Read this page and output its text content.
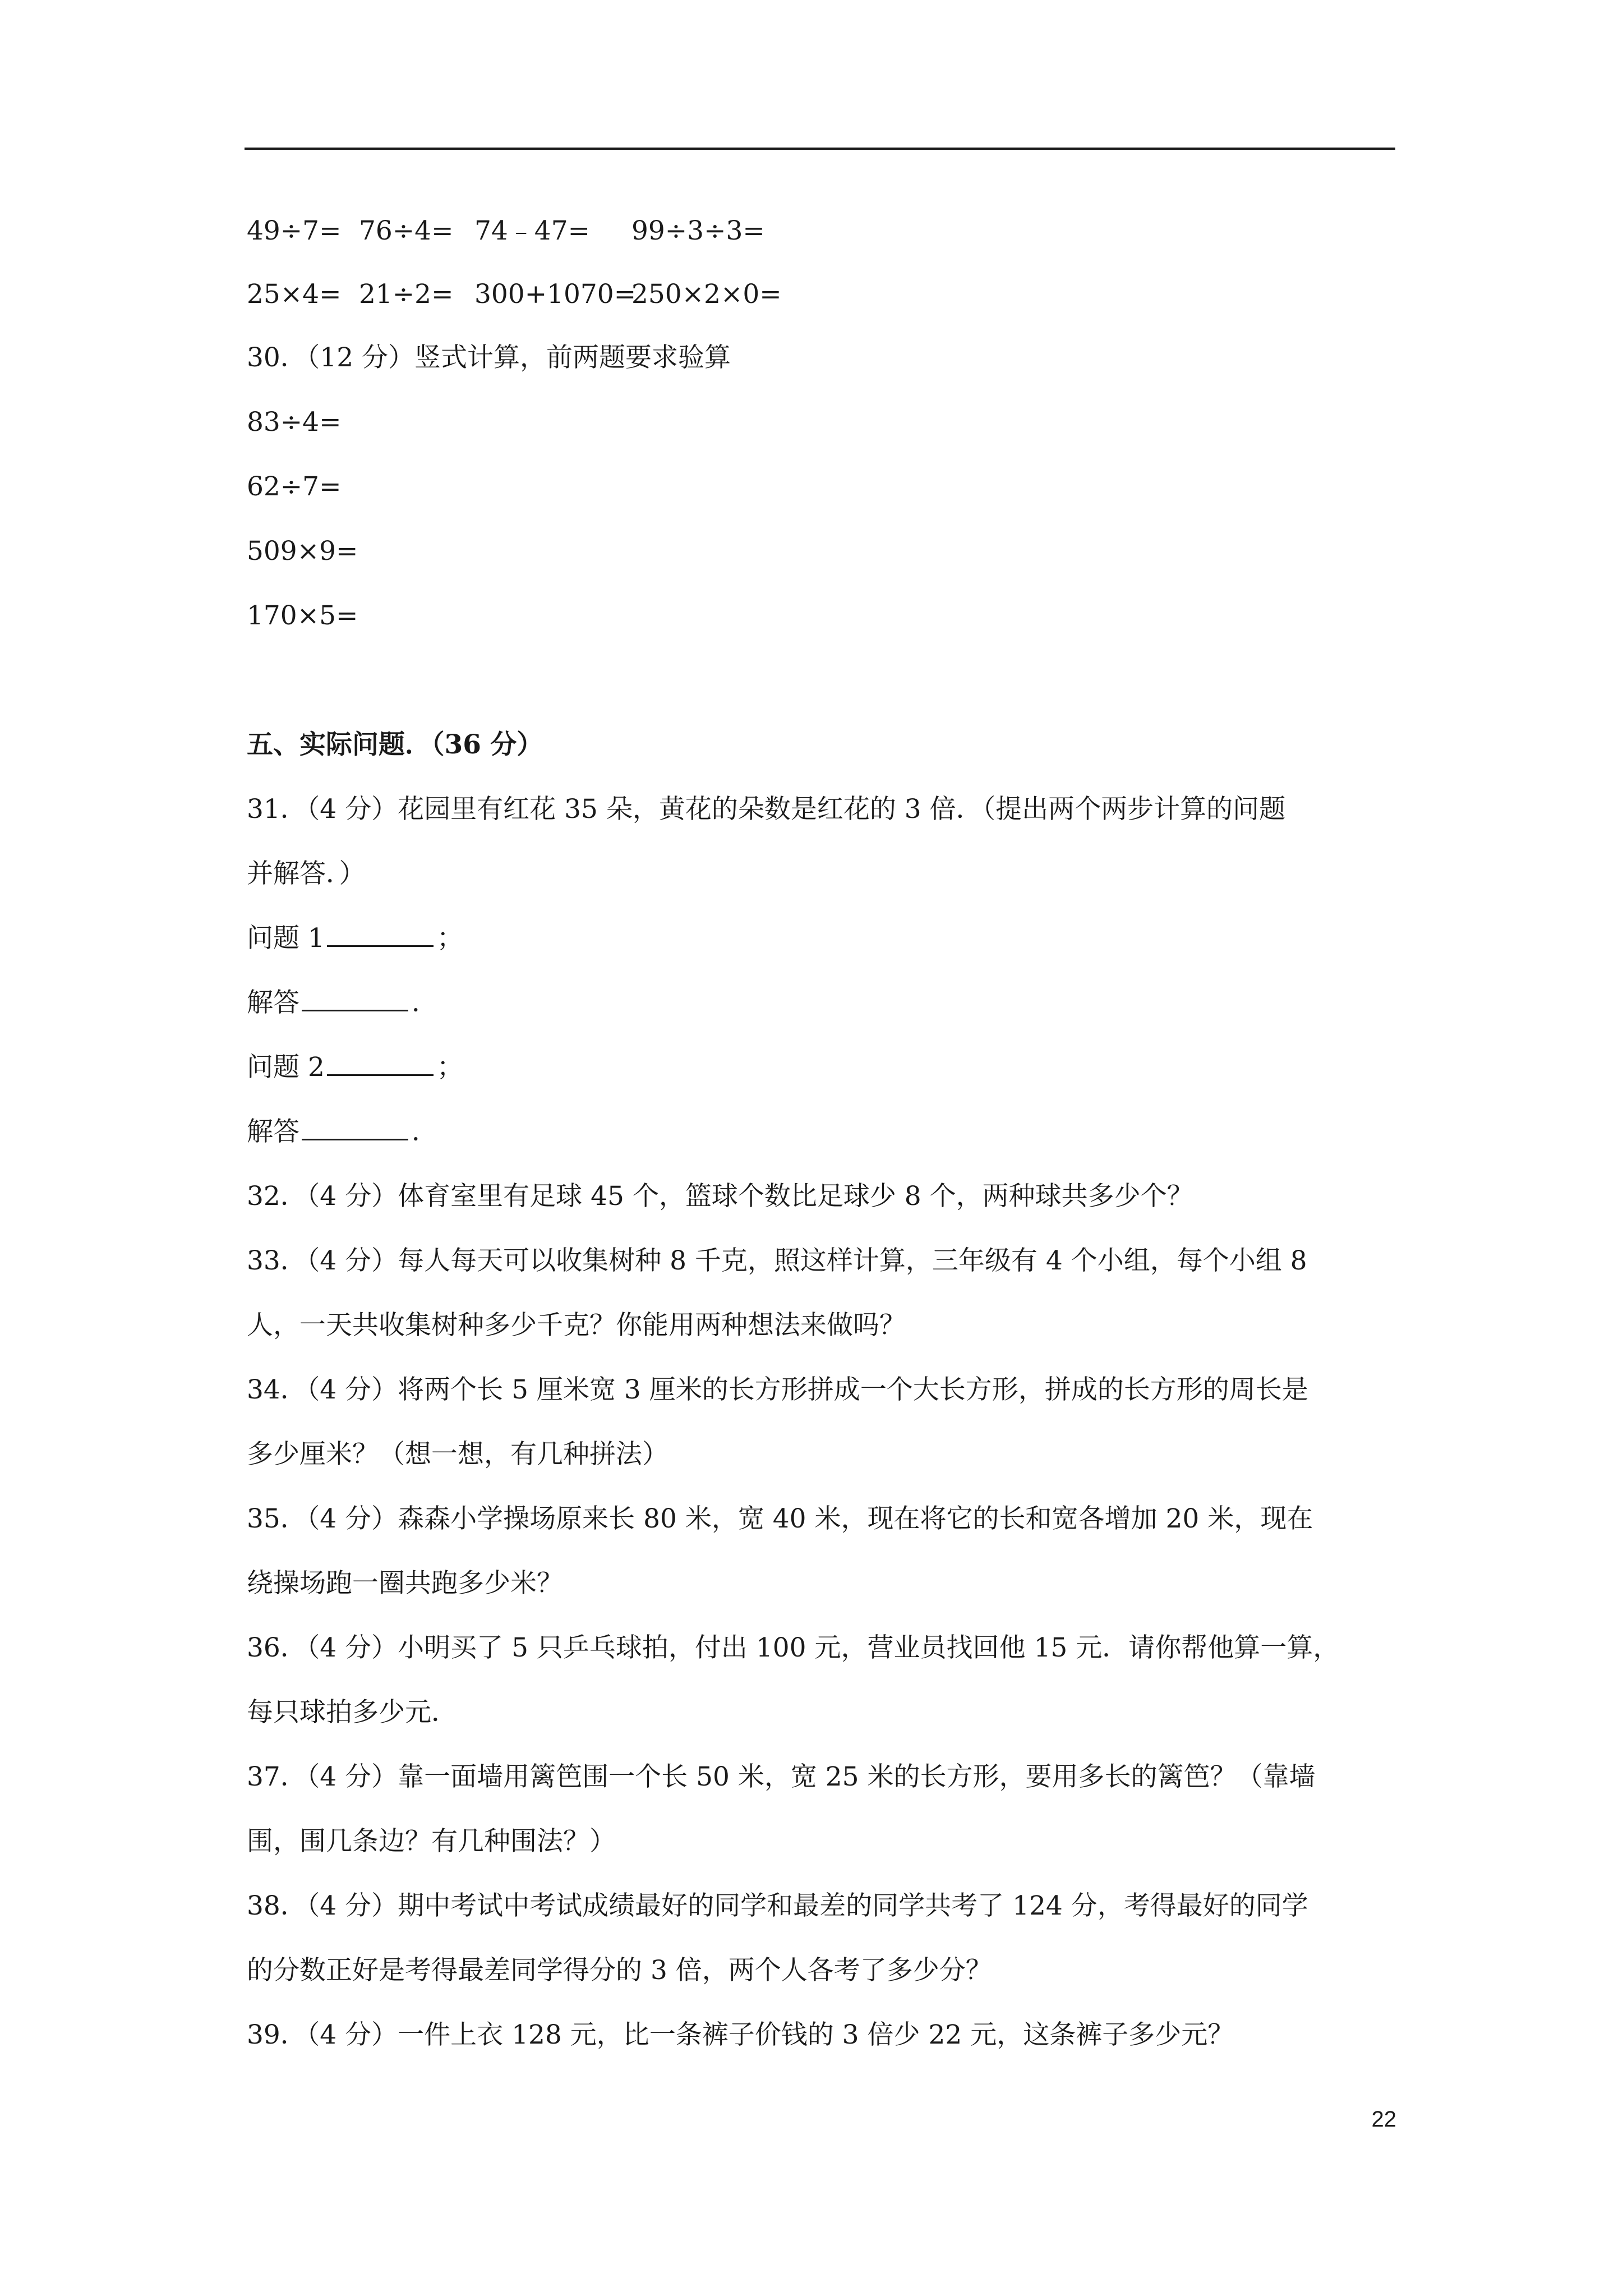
49÷7= 76÷4= 74﹣47= 99÷3÷3=
25×4= 21÷2= 300+1070=250×2×0=
30．（12 分）竖式计算，前两题要求验算
83÷4=
62÷7=
509×9=
170×5=
五、实际问题．（36 分）
31．（4 分）花园里有红花 35 朵，黄花的朵数是红花的 3 倍．（提出两个两步计算的问题
并解答．）
问题 1	；
解答	．
问题 2	；
解答	．
32．（4 分）体育室里有足球 45 个，篮球个数比足球少 8 个，两种球共多少个？
33．（4 分）每人每天可以收集树种 8 千克，照这样计算，三年级有 4 个小组，每个小组 8
人，一天共收集树种多少千克？你能用两种想法来做吗？
34．（4 分）将两个长 5 厘米宽 3 厘米的长方形拼成一个大长方形，拼成的长方形的周长是
多少厘米？（想一想，有几种拼法）
35．（4 分）森森小学操场原来长 80 米，宽 40 米，现在将它的长和宽各增加 20 米，现在
绕操场跑一圈共跑多少米？
36．（4 分）小明买了 5 只乒乓球拍，付出 100 元，营业员找回他 15 元．请你帮他算一算，
每只球拍多少元．
37．（4 分）靠一面墙用篱笆围一个长 50 米，宽 25 米的长方形，要用多长的篱笆？（靠墙
围，围几条边？有几种围法？）
38．（4 分）期中考试中考试成绩最好的同学和最差的同学共考了 124 分，考得最好的同学
的分数正好是考得最差同学得分的 3 倍，两个人各考了多少分？
39．（4 分）一件上衣 128 元，比一条裤子价钱的 3 倍少 22 元，这条裤子多少元？
22
